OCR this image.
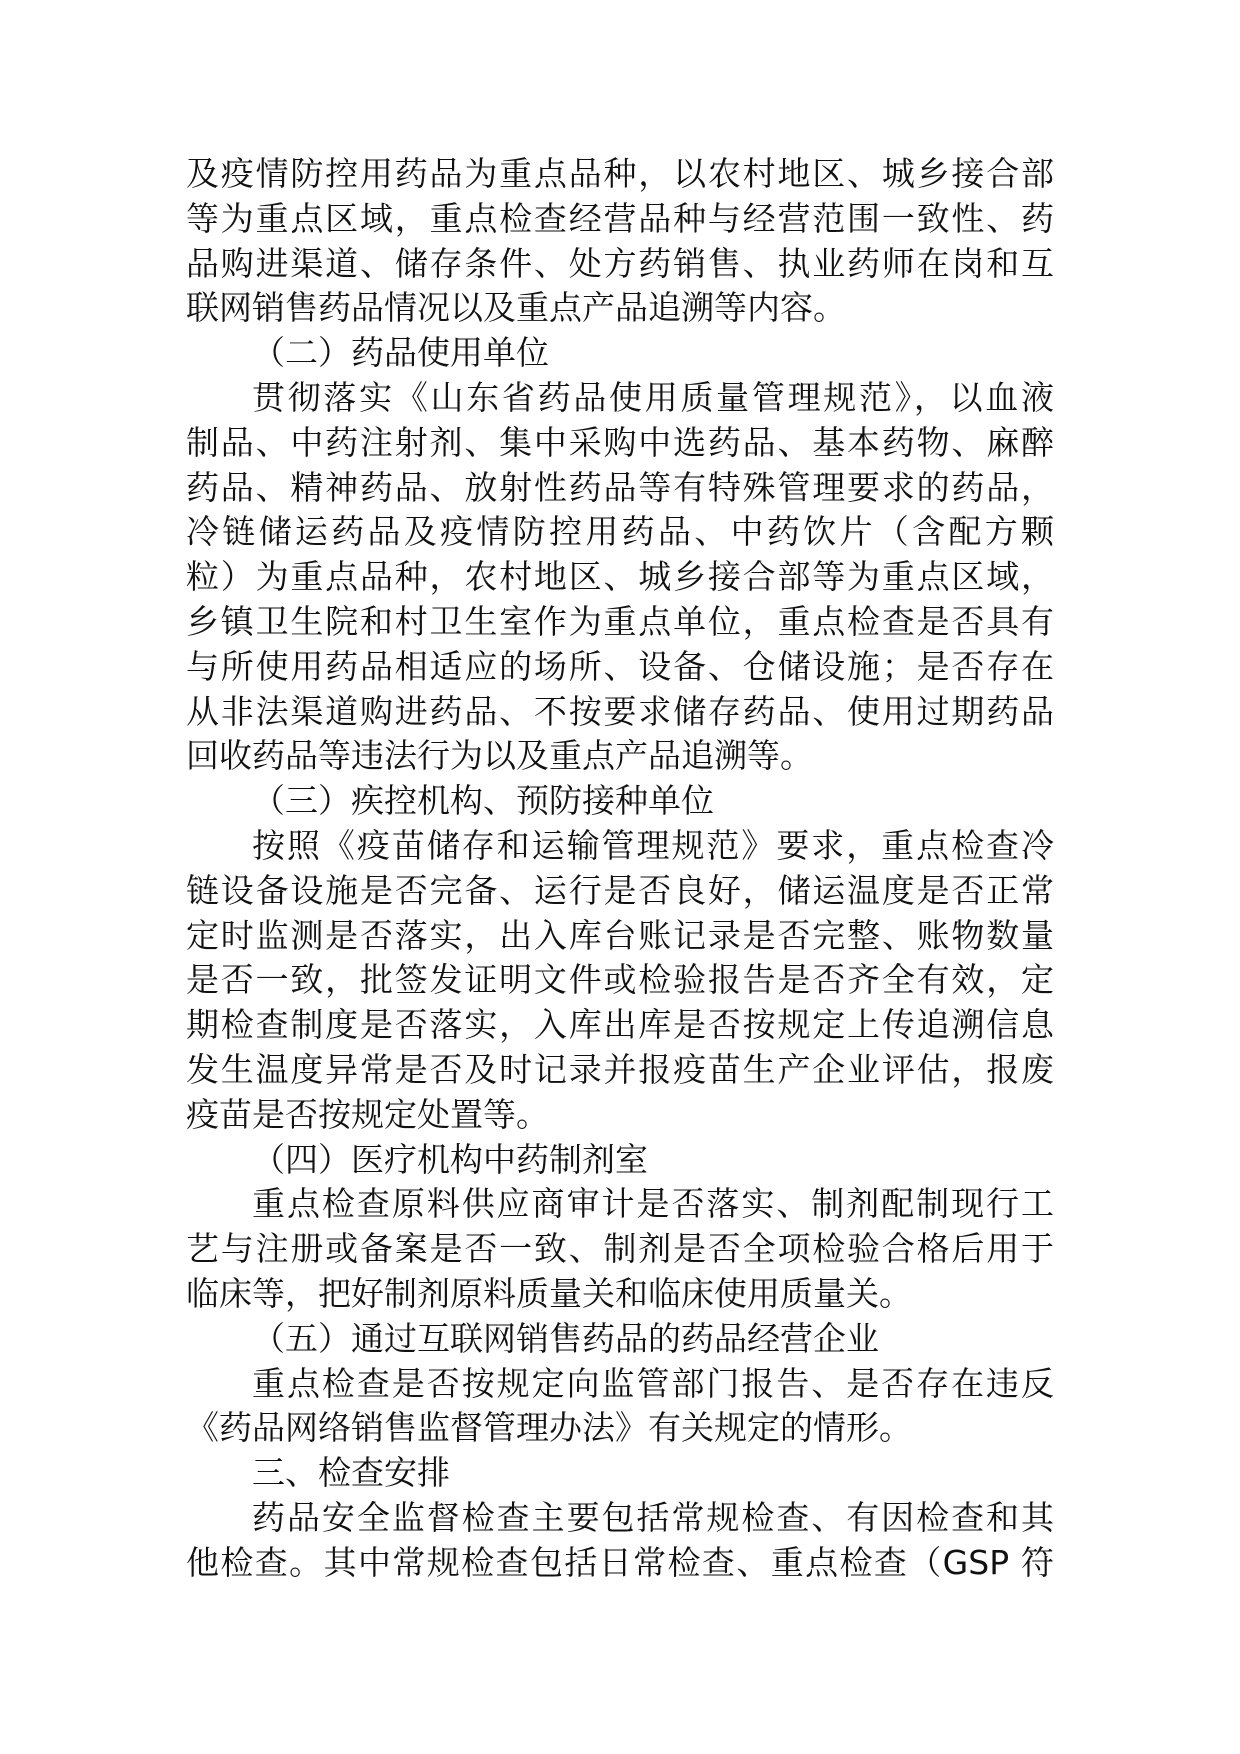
及疫情防控用药品为重点品种，以农村地区、城乡接合部
等为重点区域，重点检查经营品种与经营范围一致性、药
品购进渠道、储存条件、处方药销售、执业药师在岗和互
联网销售药品情况以及重点产品追溯等内容。

（二）药品使用单位

贯彻落实《山东省药品使用质量管理规范》，以血液
制品、中药注射剂、集中采购中选药品、基本药物、麻醉
药品、精神药品、放射性药品等有特殊管理要求的药品，
冷链储运药品及疫情防控用药品、中药饮片（含配方颗
粒）为重点品种，农村地区、城乡接合部等为重点区域，
乡镇卫生院和村卫生室作为重点单位，重点检查是否具有
与所使用药品相适应的场所、设备、仓储设施；是否存在
从非法渠道购进药品、不按要求储存药品、使用过期药品
回收药品等违法行为以及重点产品追溯等。

（三）疾控机构、预防接种单位

按照《疫苗储存和运输管理规范》要求，重点检查冷
链设备设施是否完备、运行是否良好，储运温度是否正常
定时监测是否落实，出入库台账记录是否完整、账物数量
是否一致，批签发证明文件或检验报告是否齐全有效，定
期检查制度是否落实，入库出库是否按规定上传追溯信息
发生温度异常是否及时记录并报疫苗生产企业评估，报废
疫苗是否按规定处置等。

（四）医疗机构中药制剂室

重点检查原料供应商审计是否落实、制剂配制现行工
艺与注册或备案是否一致、制剂是否全项检验合格后用于
临床等，把好制剂原料质量关和临床使用质量关。

（五）通过互联网销售药品的药品经营企业

重点检查是否按规定向监管部门报告、是否存在违反
《药品网络销售监督管理办法》有关规定的情形。

三、检查安排

药品安全监督检查主要包括常规检查、有因检查和其
他检查。其中常规检查包括日常检查、重点检查（GSP 符
